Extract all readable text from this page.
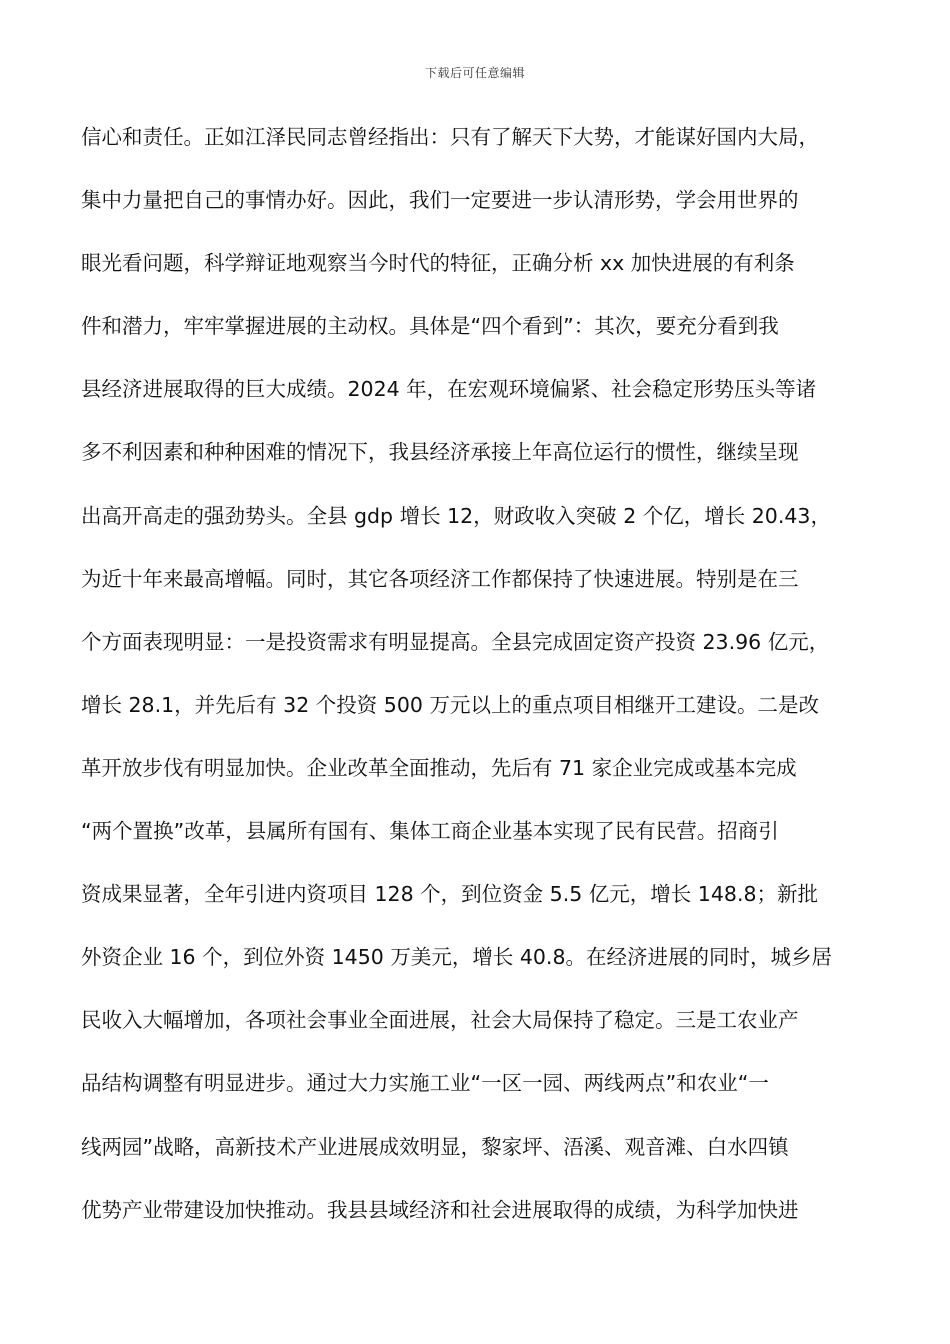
下载后可任意编辑
信心和责任。正如江泽民同志曾经指出：只有了解天下大势，才能谋好国内大局，
集中力量把自己的事情办好。因此，我们一定要进一步认清形势，学会用世界的
眼光看问题，科学辩证地观察当今时代的特征，正确分析 xx 加快进展的有利条
件和潜力，牢牢掌握进展的主动权。具体是“四个看到”：其次，要充分看到我
县经济进展取得的巨大成绩。2024 年，在宏观环境偏紧、社会稳定形势压头等诸
多不利因素和种种困难的情况下，我县经济承接上年高位运行的惯性，继续呈现
出高开高走的强劲势头。全县 gdp 增长 12，财政收入突破 2 个亿，增长 20.43，
为近十年来最高增幅。同时，其它各项经济工作都保持了快速进展。特别是在三
个方面表现明显：一是投资需求有明显提高。全县完成固定资产投资 23.96 亿元，
增长 28.1，并先后有 32 个投资 500 万元以上的重点项目相继开工建设。二是改
革开放步伐有明显加快。企业改革全面推动，先后有 71 家企业完成或基本完成
“两个置换”改革，县属所有国有、集体工商企业基本实现了民有民营。招商引
资成果显著，全年引进内资项目 128 个，到位资金 5.5 亿元，增长 148.8；新批
外资企业 16 个，到位外资 1450 万美元，增长 40.8。在经济进展的同时，城乡居
民收入大幅增加，各项社会事业全面进展，社会大局保持了稳定。三是工农业产
品结构调整有明显进步。通过大力实施工业“一区一园、两线两点”和农业“一
线两园”战略，高新技术产业进展成效明显，黎家坪、浯溪、观音滩、白水四镇
优势产业带建设加快推动。我县县域经济和社会进展取得的成绩，为科学加快进
